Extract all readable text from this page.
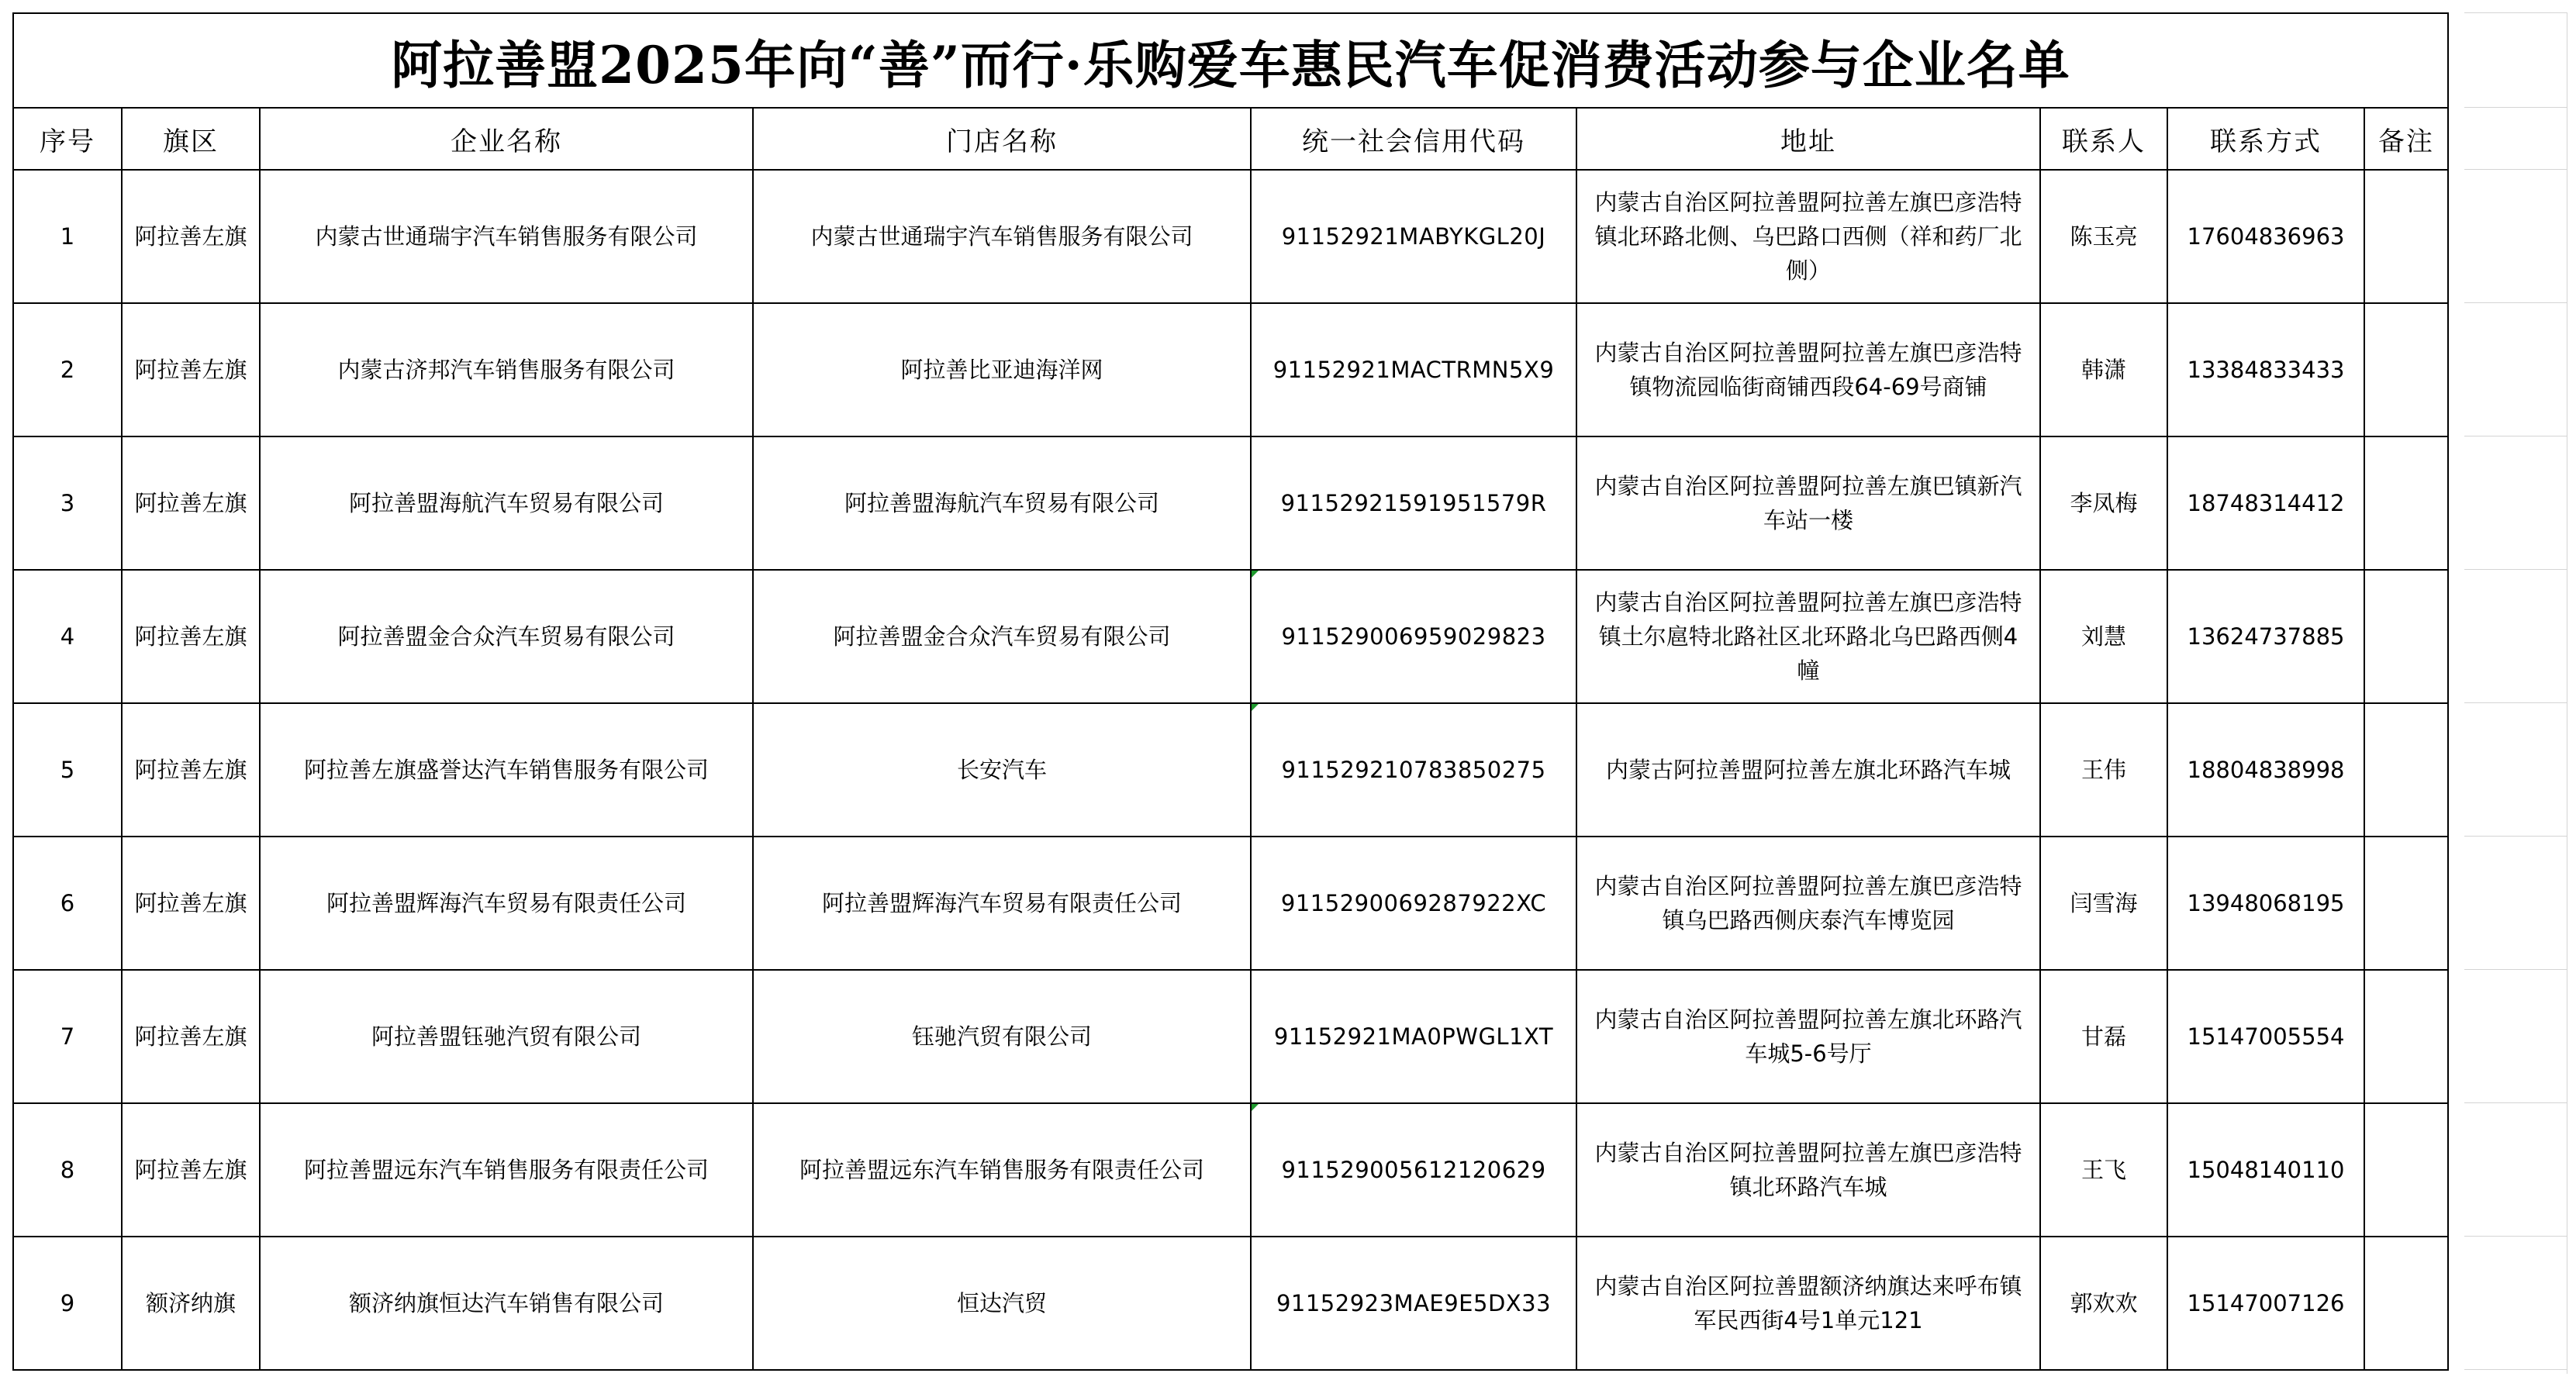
阿拉善盟2025年向“善”而行·乐购爱车惠民汽车促消费活动参与企业名单								
序号	旗区	企业名称	门店名称	统一社会信用代码	地址	联系人	联系方式	备注
1	阿拉善左旗	内蒙古世通瑞宇汽车销售服务有限公司	内蒙古世通瑞宇汽车销售服务有限公司	91152921MABYKGL20J	内蒙古自治区阿拉善盟阿拉善左旗巴彦浩特镇北环路北侧、乌巴路口西侧（祥和药厂北侧）	陈玉亮	17604836963	
2	阿拉善左旗	内蒙古济邦汽车销售服务有限公司	阿拉善比亚迪海洋网	91152921MACTRMN5X9	内蒙古自治区阿拉善盟阿拉善左旗巴彦浩特镇物流园临街商铺西段64-69号商铺	韩潇	13384833433	
3	阿拉善左旗	阿拉善盟海航汽车贸易有限公司	阿拉善盟海航汽车贸易有限公司	91152921591951579R	内蒙古自治区阿拉善盟阿拉善左旗巴镇新汽车站一楼	李凤梅	18748314412	
4	阿拉善左旗	阿拉善盟金合众汽车贸易有限公司	阿拉善盟金合众汽车贸易有限公司	911529006959029823	内蒙古自治区阿拉善盟阿拉善左旗巴彦浩特镇土尔扈特北路社区北环路北乌巴路西侧4幢	刘慧	13624737885	
5	阿拉善左旗	阿拉善左旗盛誉达汽车销售服务有限公司	长安汽车	911529210783850275	内蒙古阿拉善盟阿拉善左旗北环路汽车城	王伟	18804838998	
6	阿拉善左旗	阿拉善盟辉海汽车贸易有限责任公司	阿拉善盟辉海汽车贸易有限责任公司	9115290069287922XC	内蒙古自治区阿拉善盟阿拉善左旗巴彦浩特镇乌巴路西侧庆泰汽车博览园	闫雪海	13948068195	
7	阿拉善左旗	阿拉善盟钰驰汽贸有限公司	钰驰汽贸有限公司	91152921MA0PWGL1XT	内蒙古自治区阿拉善盟阿拉善左旗北环路汽车城5-6号厅	甘磊	15147005554	
8	阿拉善左旗	阿拉善盟远东汽车销售服务有限责任公司	阿拉善盟远东汽车销售服务有限责任公司	911529005612120629	内蒙古自治区阿拉善盟阿拉善左旗巴彦浩特镇北环路汽车城	王飞	15048140110	
9	额济纳旗	额济纳旗恒达汽车销售有限公司	恒达汽贸	91152923MAE9E5DX33	内蒙古自治区阿拉善盟额济纳旗达来呼布镇军民西街4号1单元121	郭欢欢	15147007126	
